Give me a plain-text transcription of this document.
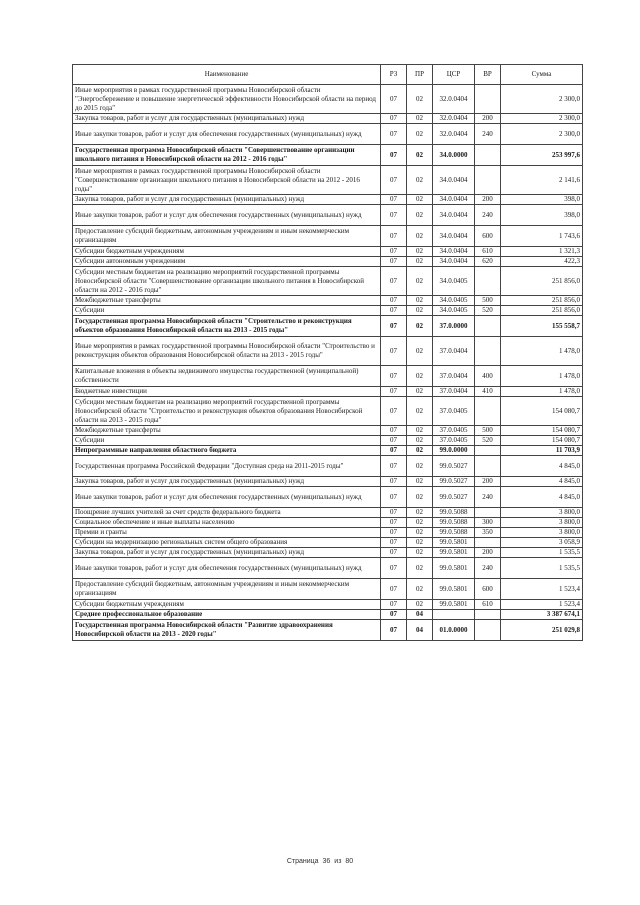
Наименование	РЗ	ПР	ЦСР	ВР	Сумма
Иные мероприятия в рамках государственной программы Новосибирской области "Энергосбережение и повышение энергетической эффективности Новосибирской области на период до 2015 года"	07	02	32.0.0404		2 300,0
Закупка товаров, работ и услуг для государственных (муниципальных) нужд	07	02	32.0.0404	200	2 300,0
Иные закупки товаров, работ и услуг для обеспечения государственных (муниципальных) нужд	07	02	32.0.0404	240	2 300,0
Государственная программа Новосибирской области "Совершенствование организации школьного питания в Новосибирской области на 2012 - 2016 годы"	07	02	34.0.0000		253 997,6
Иные мероприятия в рамках государственной программы Новосибирской области "Совершенствование организации школьного питания в Новосибирской области на 2012 - 2016 годы"	07	02	34.0.0404		2 141,6
Закупка товаров, работ и услуг для государственных (муниципальных) нужд	07	02	34.0.0404	200	398,0
Иные закупки товаров, работ и услуг для обеспечения государственных (муниципальных) нужд	07	02	34.0.0404	240	398,0
Предоставление субсидий бюджетным, автономным учреждениям и иным некоммерческим организациям	07	02	34.0.0404	600	1 743,6
Субсидии бюджетным учреждениям	07	02	34.0.0404	610	1 321,3
Субсидии автономным учреждениям	07	02	34.0.0404	620	422,3
Субсидии местным бюджетам на реализацию мероприятий государственной программы Новосибирской области "Совершенствование организации школьного питания в Новосибирской области на 2012 - 2016 годы"	07	02	34.0.0405		251 856,0
Межбюджетные трансферты	07	02	34.0.0405	500	251 856,0
Субсидии	07	02	34.0.0405	520	251 856,0
Государственная программа Новосибирской области "Строительство и реконструкция объектов образования Новосибирской области на 2013 - 2015 годы"	07	02	37.0.0000		155 558,7
Иные мероприятия в рамках государственной программы Новосибирской области "Строительство и реконструкция объектов образования Новосибирской области на 2013 - 2015 годы"	07	02	37.0.0404		1 478,0
Капитальные вложения в объекты недвижимого имущества государственной (муниципальной) собственности	07	02	37.0.0404	400	1 478,0
Бюджетные инвестиции	07	02	37.0.0404	410	1 478,0
Субсидии местным бюджетам на реализацию мероприятий государственной программы Новосибирской области "Строительство и реконструкция объектов образования Новосибирской области на 2013 - 2015 годы"	07	02	37.0.0405		154 080,7
Межбюджетные трансферты	07	02	37.0.0405	500	154 080,7
Субсидии	07	02	37.0.0405	520	154 080,7
Непрограммные направления областного бюджета	07	02	99.0.0000		11 703,9
Государственная программа Российской Федерации "Доступная среда на 2011-2015 годы"	07	02	99.0.5027		4 845,0
Закупка товаров, работ и услуг для государственных (муниципальных) нужд	07	02	99.0.5027	200	4 845,0
Иные закупки товаров, работ и услуг для обеспечения государственных (муниципальных) нужд	07	02	99.0.5027	240	4 845,0
Поощрение лучших учителей за счет средств федерального бюджета	07	02	99.0.5088		3 800,0
Социальное обеспечение и иные выплаты населению	07	02	99.0.5088	300	3 800,0
Премии и гранты	07	02	99.0.5088	350	3 800,0
Субсидии на модернизацию региональных систем общего образования	07	02	99.0.5801		3 058,9
Закупка товаров, работ и услуг для государственных (муниципальных) нужд	07	02	99.0.5801	200	1 535,5
Иные закупки товаров, работ и услуг для обеспечения государственных (муниципальных) нужд	07	02	99.0.5801	240	1 535,5
Предоставление субсидий бюджетным, автономным учреждениям и иным некоммерческим организациям	07	02	99.0.5801	600	1 523,4
Субсидии бюджетным учреждениям	07	02	99.0.5801	610	1 523,4
Среднее профессиональное образование	07	04			3 387 674,1
Государственная программа Новосибирской области "Развитие здравоохранения Новосибирской области на 2013 - 2020 годы"	07	04	01.0.0000		251 029,8
Страница 36 из 80
